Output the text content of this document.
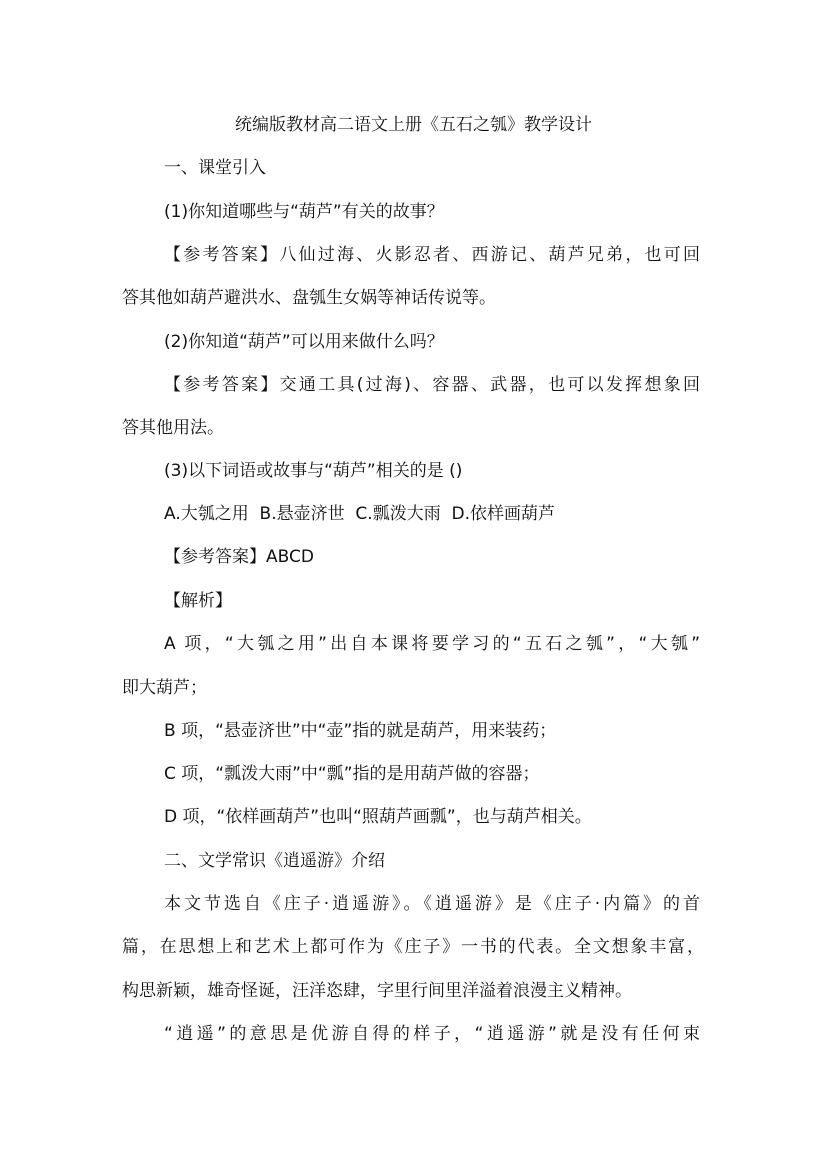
统编版教材高二语文上册《五石之瓠》教学设计
一、课堂引入
(1)你知道哪些与“葫芦”有关的故事？
【参考答案】八仙过海、火影忍者、西游记、葫芦兄弟，也可回
答其他如葫芦避洪水、盘瓠生女娲等神话传说等。
(2)你知道“葫芦”可以用来做什么吗？
【参考答案】交通工具(过海)、容器、武器，也可以发挥想象回
答其他用法。
(3)以下词语或故事与“葫芦”相关的是 ()
A.大瓠之用  B.悬壶济世  C.瓢泼大雨  D.依样画葫芦
【参考答案】ABCD
【解析】
A 项，“大瓠之用”出自本课将要学习的“五石之瓠”，“大瓠”
即大葫芦；
B 项，“悬壶济世”中“壶”指的就是葫芦，用来装药；
C 项，“瓢泼大雨”中“瓢”指的是用葫芦做的容器；
D 项，“依样画葫芦”也叫“照葫芦画瓢”，也与葫芦相关。
二、文学常识《逍遥游》介绍
本文节选自《庄子·逍遥游》。《逍遥游》是《庄子·内篇》的首
篇，在思想上和艺术上都可作为《庄子》一书的代表。全文想象丰富，
构思新颖，雄奇怪诞，汪洋恣肆，字里行间里洋溢着浪漫主义精神。
“逍遥”的意思是优游自得的样子，“逍遥游”就是没有任何束
